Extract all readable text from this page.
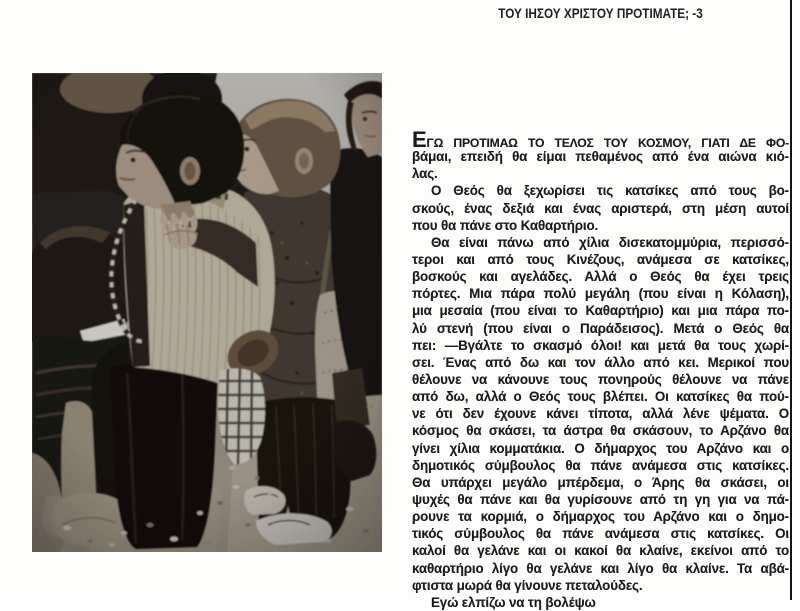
ΤΟΥ ΙΗΣΟΥ ΧΡΙΣΤΟΥ ΠΡΟΤΙΜΑΤΕ; -3
ΕΓΩ ΠΡΟΤΙΜΑΩ ΤΟ ΤΕΛΟΣ ΤΟΥ ΚΟΣΜΟΥ, ΓΙΑΤΙ ΔΕ ΦΟ-
βάμαι, επειδή θα είμαι πεθαμένος από ένα αιώνα κιό-
λας.
Ο Θεός θα ξεχωρίσει τις κατσίκες από τους βο-
σκούς, ένας δεξιά και ένας αριστερά, στη μέση αυτοί
που θα πάνε στο Καθαρτήριο.
Θα είναι πάνω από χίλια δισεκατομμύρια, περισσό-
τεροι και από τους Κινέζους, ανάμεσα σε κατσίκες,
βοσκούς και αγελάδες. Αλλά ο Θεός θα έχει τρεις
πόρτες. Μια πάρα πολύ μεγάλη (που είναι η Κόλαση),
μια μεσαία (που είναι το Καθαρτήριο) και μια πάρα πο-
λύ στενή (που είναι ο Παράδεισος). Μετά ο Θεός θα
πει: —Βγάλτε το σκασμό όλοι! και μετά θα τους χωρί-
σει. Ένας από δω και τον άλλο από κει. Μερικοί που
θέλουνε να κάνουνε τους πονηρούς θέλουνε να πάνε
από δω, αλλά ο Θεός τους βλέπει. Οι κατσίκες θα πού-
νε ότι δεν έχουνε κάνει τίποτα, αλλά λένε ψέματα. Ο
κόσμος θα σκάσει, τα άστρα θα σκάσουν, το Αρζάνο θα
γίνει χίλια κομματάκια. Ο δήμαρχος του Αρζάνο και ο
δημοτικός σύμβουλος θα πάνε ανάμεσα στις κατσίκες.
Θα υπάρχει μεγάλο μπέρδεμα, ο Άρης θα σκάσει, οι
ψυχές θα πάνε και θα γυρίσουνε από τη γη για να πά-
ρουνε τα κορμιά, ο δήμαρχος του Αρζάνο και ο δημο-
τικός σύμβουλος θα πάνε ανάμεσα στις κατσίκες. Οι
καλοί θα γελάνε και οι κακοί θα κλαίνε, εκείνοι από το
καθαρτήριο λίγο θα γελάνε και λίγο θα κλαίνε. Τα αβά-
φτιστα μωρά θα γίνουνε πεταλούδες.
Εγώ ελπίζω να τη βολέψω
